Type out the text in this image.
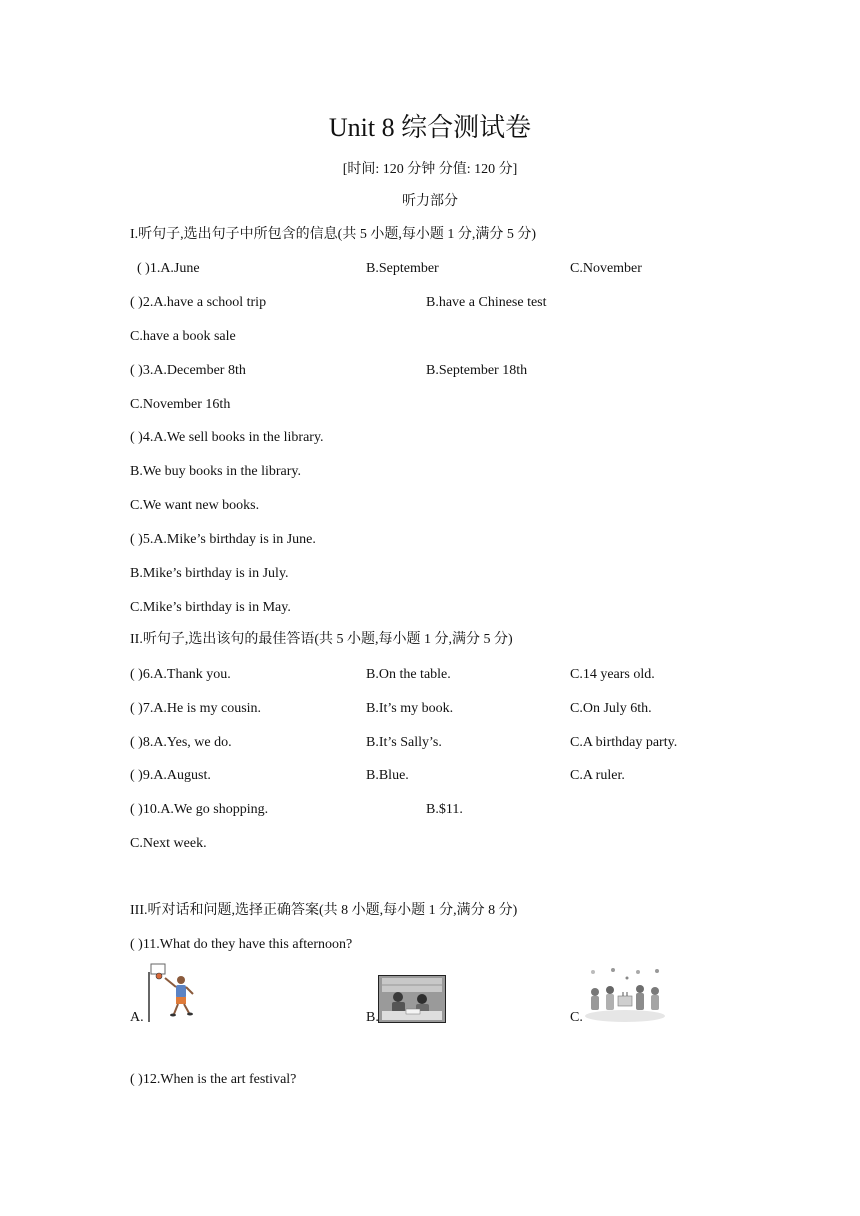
Unit 8 综合测试卷
[时间: 120 分钟 分值: 120 分]
听力部分
I.听句子,选出句子中所包含的信息(共 5 小题,每小题 1 分,满分 5 分)
( )1.A.June	B.September	C.November
( )2.A.have a school trip	B.have a Chinese test
C.have a book sale
( )3.A.December 8th	B.September 18th
C.November 16th
( )4.A.We sell books in the library.
B.We buy books in the library.
C.We want new books.
( )5.A.Mike’s birthday is in June.
B.Mike’s birthday is in July.
C.Mike’s birthday is in May.
II.听句子,选出该句的最佳答语(共 5 小题,每小题 1 分,满分 5 分)
( )6.A.Thank you.	B.On the table.	C.14 years old.
( )7.A.He is my cousin.	B.It’s my book.	C.On July 6th.
( )8.A.Yes, we do.	B.It’s Sally’s.	C.A birthday party.
( )9.A.August.	B.Blue.	C.A ruler.
( )10.A.We go shopping.	B.$11.
C.Next week.
III.听对话和问题,选择正确答案(共 8 小题,每小题 1 分,满分 8 分)
( )11.What do they have this afternoon?
A.	B.	C.
( )12.When is the art festival?
